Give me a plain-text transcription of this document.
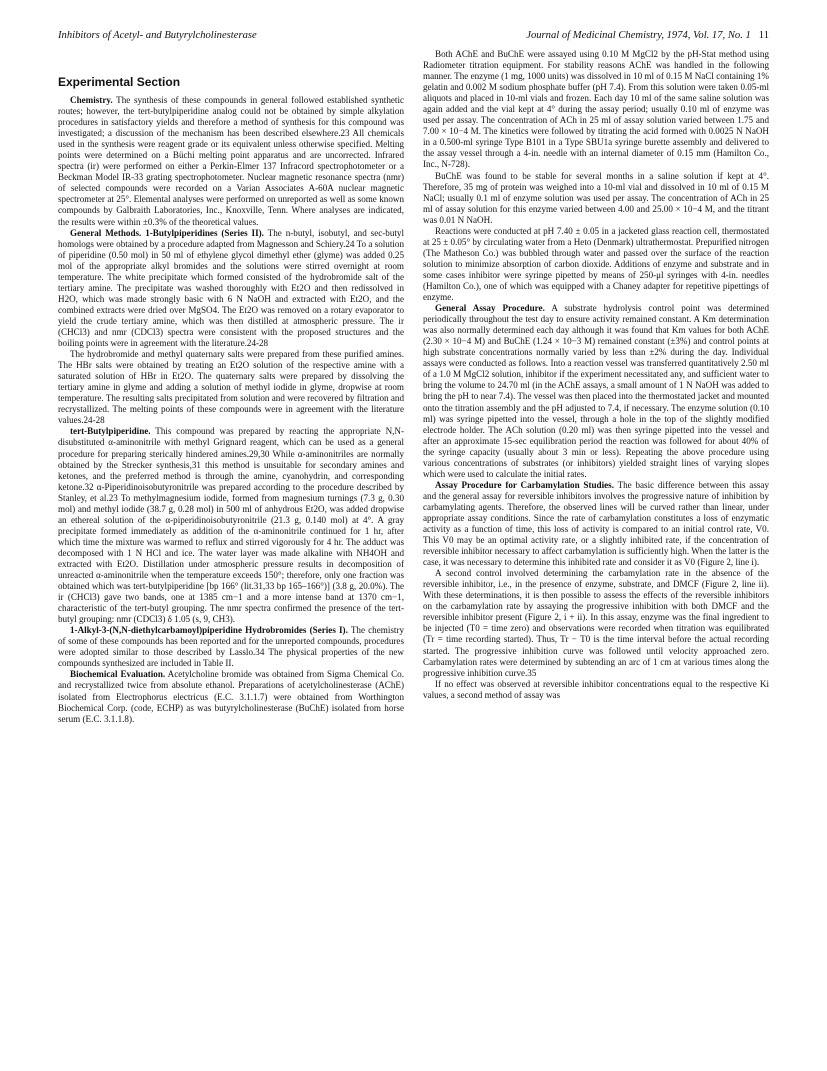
Inhibitors of Acetyl- and Butyrylcholinesterase	Journal of Medicinal Chemistry, 1974, Vol. 17, No. 1 11
Experimental Section

Chemistry. The synthesis of these compounds in general followed established synthetic routes; however, the tert-butylpiperidine analog could not be obtained by simple alkylation procedures in satisfactory yields and therefore a method of synthesis for this compound was investigated; a discussion of the mechanism has been described elsewhere.23 All chemicals used in the synthesis were reagent grade or its equivalent unless otherwise specified. Melting points were determined on a Büchi melting point apparatus and are uncorrected. Infrared spectra (ir) were performed on either a Perkin-Elmer 137 Infracord spectrophotometer or a Beckman Model IR-33 grating spectrophotometer. Nuclear magnetic resonance spectra (nmr) of selected compounds were recorded on a Varian Associates A-60A nuclear magnetic spectrometer at 25°. Elemental analyses were performed on unreported as well as some known compounds by Galbraith Laboratories, Inc., Knoxville, Tenn. Where analyses are indicated, the results were within ±0.3% of the theoretical values.

General Methods. 1-Butylpiperidines (Series II). The n-butyl, isobutyl, and sec-butyl homologs were obtained by a procedure adapted from Magnesson and Schiery.24 To a solution of piperidine (0.50 mol) in 50 ml of ethylene glycol dimethyl ether (glyme) was added 0.25 mol of the appropriate alkyl bromides and the solutions were stirred overnight at room temperature. The white precipitate which formed consisted of the hydrobromide salt of the tertiary amine. The precipitate was washed thoroughly with Et2O and then redissolved in H2O, which was made strongly basic with 6 N NaOH and extracted with Et2O, and the combined extracts were dried over MgSO4. The Et2O was removed on a rotary evaporator to yield the crude tertiary amine, which was then distilled at atmospheric pressure. The ir (CHCl3) and nmr (CDCl3) spectra were consistent with the proposed structures and the boiling points were in agreement with the literature.24-28

The hydrobromide and methyl quaternary salts were prepared from these purified amines. The HBr salts were obtained by treating an Et2O solution of the respective amine with a saturated solution of HBr in Et2O. The quaternary salts were prepared by dissolving the tertiary amine in glyme and adding a solution of methyl iodide in glyme, dropwise at room temperature. The resulting salts precipitated from solution and were recovered by filtration and recrystallized. The melting points of these compounds were in agreement with the literature values.24-28

tert-Butylpiperidine. This compound was prepared by reacting the appropriate N,N-disubstituted α-aminonitrile with methyl Grignard reagent, which can be used as a general procedure for preparing sterically hindered amines.29,30 While α-aminonitriles are normally obtained by the Strecker synthesis,31 this method is unsuitable for secondary amines and ketones, and the preferred method is through the amine, cyanohydrin, and corresponding ketone.32 α-Piperidinoisobutyronitrile was prepared according to the procedure described by Stanley, et al.23 To methylmagnesium iodide, formed from magnesium turnings (7.3 g, 0.30 mol) and methyl iodide (38.7 g, 0.28 mol) in 500 ml of anhydrous Et2O, was added dropwise an ethereal solution of the α-piperidinoisobutyronitrile (21.3 g, 0.140 mol) at 4°. A gray precipitate formed immediately as addition of the α-aminonitrile continued for 1 hr, after which time the mixture was warmed to reflux and stirred vigorously for 4 hr. The adduct was decomposed with 1 N HCl and ice. The water layer was made alkaline with NH4OH and extracted with Et2O. Distillation under atmospheric pressure results in decomposition of unreacted α-aminonitrile when the temperature exceeds 150°; therefore, only one fraction was obtained which was tert-butylpiperidine [bp 166° (lit.31,33 bp 165–166°)] (3.8 g, 20.0%). The ir (CHCl3) gave two bands, one at 1385 cm−1 and a more intense band at 1370 cm−1, characteristic of the tert-butyl grouping. The nmr spectra confirmed the presence of the tert-butyl grouping: nmr (CDCl3) δ 1.05 (s, 9, CH3).

1-Alkyl-3-(N,N-diethylcarbamoyl)piperidine Hydrobromides (Series I). The chemistry of some of these compounds has been reported and for the unreported compounds, procedures were adopted similar to those described by Lasslo.34 The physical properties of the new compounds synthesized are included in Table II.

Biochemical Evaluation. Acetylcholine bromide was obtained from Sigma Chemical Co. and recrystallized twice from absolute ethanol. Preparations of acetylcholinesterase (AChE) isolated from Electrophorus electricus (E.C. 3.1.1.7) were obtained from Worthington Biochemical Corp. (code, ECHP) as was butyrylcholinesterase (BuChE) isolated from horse serum (E.C. 3.1.1.8).

Both AChE and BuChE were assayed using 0.10 M MgCl2 by the pH-Stat method using Radiometer titration equipment. For stability reasons AChE was handled in the following manner. The enzyme (1 mg, 1000 units) was dissolved in 10 ml of 0.15 M NaCl containing 1% gelatin and 0.002 M sodium phosphate buffer (pH 7.4). From this solution were taken 0.05-ml aliquots and placed in 10-ml vials and frozen. Each day 10 ml of the same saline solution was again added and the vial kept at 4° during the assay period; usually 0.10 ml of enzyme was used per assay. The concentration of ACh in 25 ml of assay solution varied between 1.75 and 7.00 × 10−4 M. The kinetics were followed by titrating the acid formed with 0.0025 N NaOH in a 0.500-ml syringe Type B101 in a Type SBU1a syringe burette assembly and delivered to the assay vessel through a 4-in. needle with an internal diameter of 0.15 mm (Hamilton Co., Inc., N-728).

BuChE was found to be stable for several months in a saline solution if kept at 4°. Therefore, 35 mg of protein was weighed into a 10-ml vial and dissolved in 10 ml of 0.15 M NaCl; usually 0.1 ml of enzyme solution was used per assay. The concentration of ACh in 25 ml of assay solution for this enzyme varied between 4.00 and 25.00 × 10−4 M, and the titrant was 0.01 N NaOH.

Reactions were conducted at pH 7.40 ± 0.05 in a jacketed glass reaction cell, thermostated at 25 ± 0.05° by circulating water from a Heto (Denmark) ultrathermostat. Prepurified nitrogen (The Matheson Co.) was bubbled through water and passed over the surface of the reaction solution to minimize absorption of carbon dioxide. Additions of enzyme and substrate and in some cases inhibitor were syringe pipetted by means of 250-μl syringes with 4-in. needles (Hamilton Co.), one of which was equipped with a Chaney adapter for repetitive pipettings of enzyme.

General Assay Procedure. A substrate hydrolysis control point was determined periodically throughout the test day to ensure activity remained constant. A Km determination was also normally determined each day although it was found that Km values for both AChE (2.30 × 10−4 M) and BuChE (1.24 × 10−3 M) remained constant (±3%) and control points at high substrate concentrations normally varied by less than ±2% during the day. Individual assays were conducted as follows. Into a reaction vessel was transferred quantitatively 2.50 ml of a 1.0 M MgCl2 solution, inhibitor if the experiment necessitated any, and sufficient water to bring the volume to 24.70 ml (in the AChE assays, a small amount of 1 N NaOH was added to bring the pH to near 7.4). The vessel was then placed into the thermostated jacket and mounted onto the titration assembly and the pH adjusted to 7.4, if necessary. The enzyme solution (0.10 ml) was syringe pipetted into the vessel, through a hole in the top of the slightly modified electrode holder. The ACh solution (0.20 ml) was then syringe pipetted into the vessel and after an approximate 15-sec equilibration period the reaction was followed for about 40% of the syringe capacity (usually about 3 min or less). Repeating the above procedure using various concentrations of substrates (or inhibitors) yielded straight lines of varying slopes which were used to calculate the initial rates.

Assay Procedure for Carbamylation Studies. The basic difference between this assay and the general assay for reversible inhibitors involves the progressive nature of inhibition by carbamylating agents. Therefore, the observed lines will be curved rather than linear, under appropriate assay conditions. Since the rate of carbamylation constitutes a loss of enzymatic activity as a function of time, this loss of activity is compared to an initial control rate, V0. This V0 may be an optimal activity rate, or a slightly inhibited rate, if the concentration of reversible inhibitor necessary to affect carbamylation is sufficiently high. When the latter is the case, it was necessary to determine this inhibited rate and consider it as V0 (Figure 2, line i).

A second control involved determining the carbamylation rate in the absence of the reversible inhibitor, i.e., in the presence of enzyme, substrate, and DMCF (Figure 2, line ii). With these determinations, it is then possible to assess the effects of the reversible inhibitors on the carbamylation rate by assaying the progressive inhibition with both DMCF and the reversible inhibitor present (Figure 2, i + ii). In this assay, enzyme was the final ingredient to be injected (T0 = time zero) and observations were recorded when titration was equilibrated (Tr = time recording started). Thus, Tr − T0 is the time interval before the actual recording started. The progressive inhibition curve was followed until velocity approached zero. Carbamylation rates were determined by subtending an arc of 1 cm at various times along the progressive inhibition curve.35

If no effect was observed at reversible inhibitor concentrations equal to the respective Ki values, a second method of assay was
